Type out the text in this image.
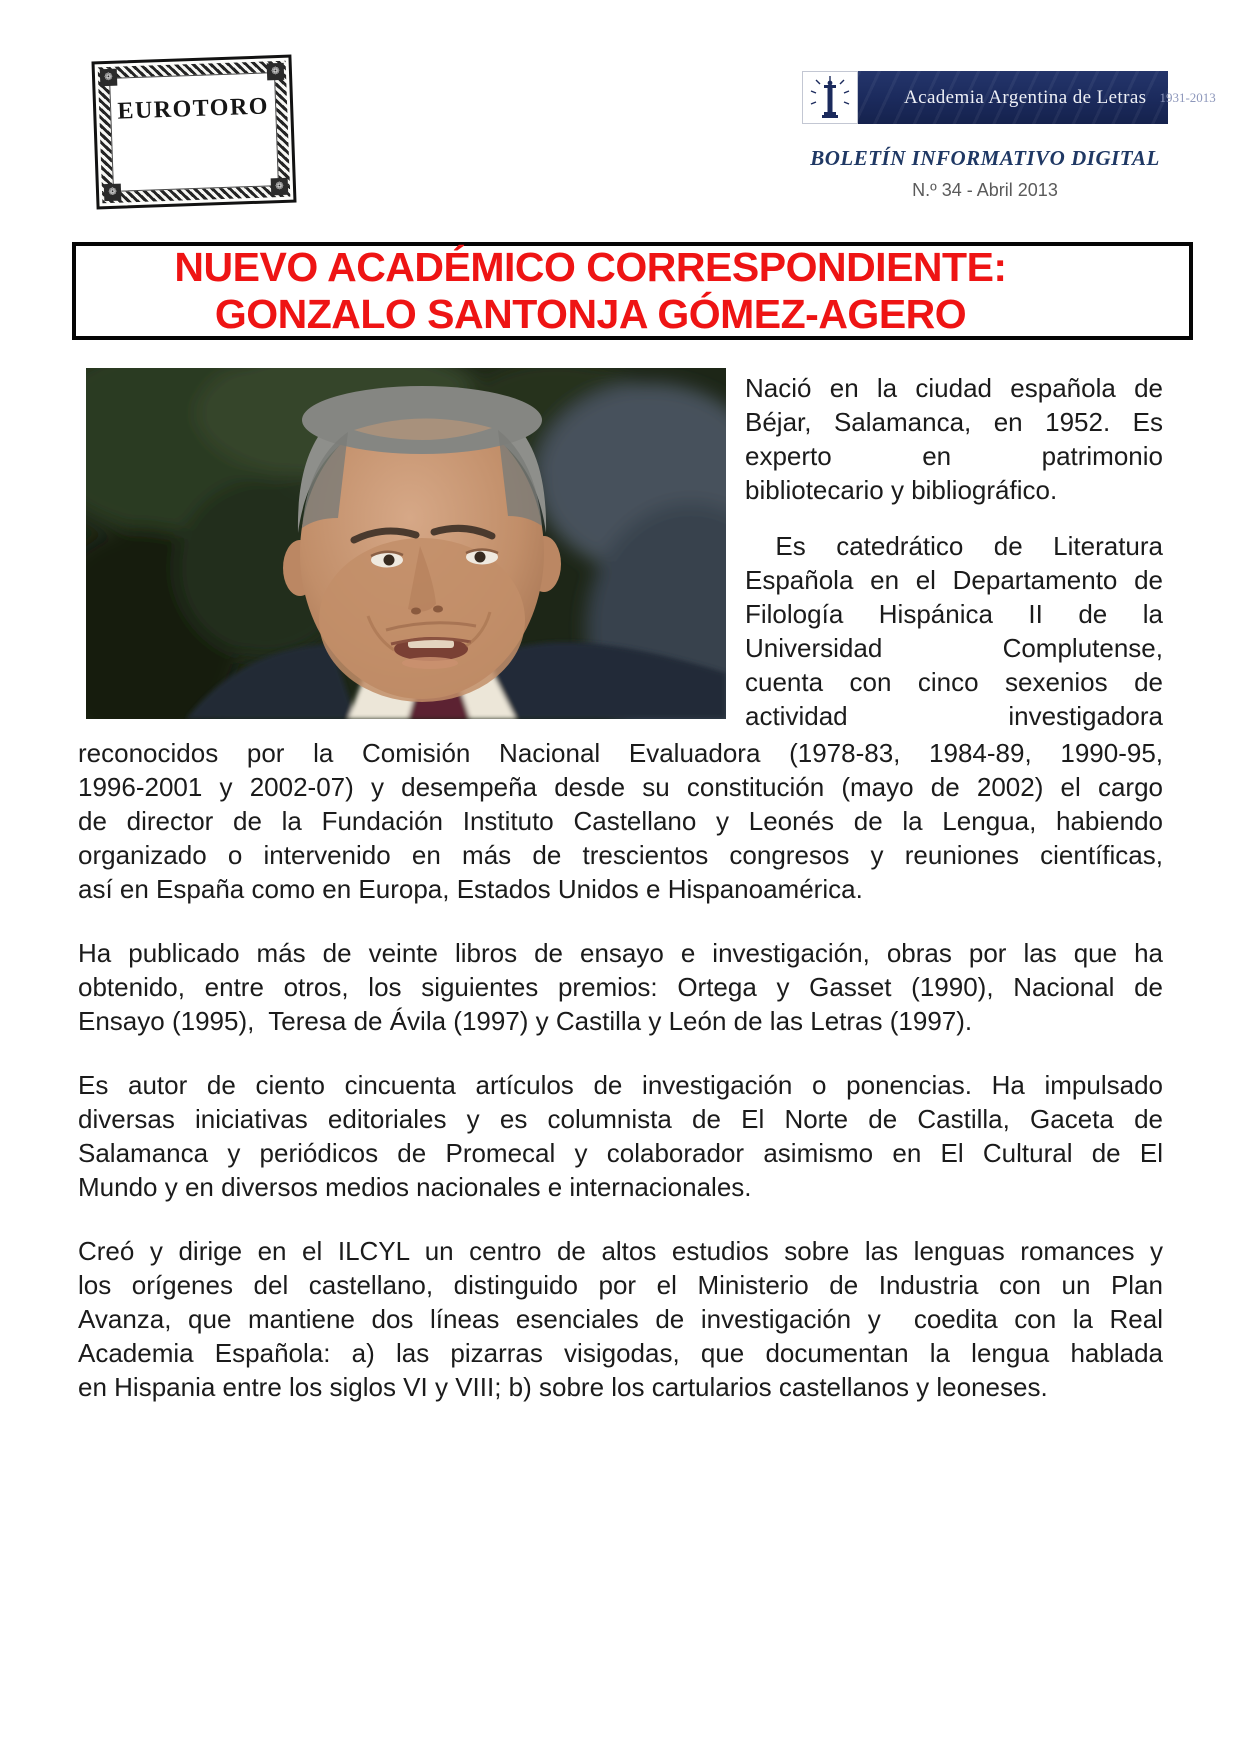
❁
❁
❁
❁
EUROTORO	Academia Argentina de Letras 1931-2013
BOLETÍN INFORMATIVO DIGITAL
N.º 34 - Abril 2013
NUEVO ACADÉMICO CORRESPONDIENTE:
GONZALO SANTONJA GÓMEZ-AGERO
Nació en la ciudad española de
Béjar, Salamanca, en 1952. Es
experto en patrimonio
bibliotecario y bibliográfico.
Es catedrático de Literatura
Española en el Departamento de
Filología Hispánica II de la
Universidad Complutense,
cuenta con cinco sexenios de
actividad investigadora
reconocidos por la Comisión Nacional Evaluadora (1978-83, 1984-89, 1990-95,
1996-2001 y 2002-07) y desempeña desde su constitución (mayo de 2002) el cargo
de director de la Fundación Instituto Castellano y Leonés de la Lengua, habiendo
organizado o intervenido en más de trescientos congresos y reuniones científicas,
así en España como en Europa, Estados Unidos e Hispanoamérica.
Ha publicado más de veinte libros de ensayo e investigación, obras por las que ha
obtenido, entre otros, los siguientes premios: Ortega y Gasset (1990), Nacional de
Ensayo (1995),  Teresa de Ávila (1997) y Castilla y León de las Letras (1997).
Es autor de ciento cincuenta artículos de investigación o ponencias. Ha impulsado
diversas iniciativas editoriales y es columnista de El Norte de Castilla, Gaceta de
Salamanca y periódicos de Promecal y colaborador asimismo en El Cultural de El
Mundo y en diversos medios nacionales e internacionales.
Creó y dirige en el ILCYL un centro de altos estudios sobre las lenguas romances y
los orígenes del castellano, distinguido por el Ministerio de Industria con un Plan
Avanza, que mantiene dos líneas esenciales de investigación y  coedita con la Real
Academia Española: a) las pizarras visigodas, que documentan la lengua hablada
en Hispania entre los siglos VI y VIII; b) sobre los cartularios castellanos y leoneses.
